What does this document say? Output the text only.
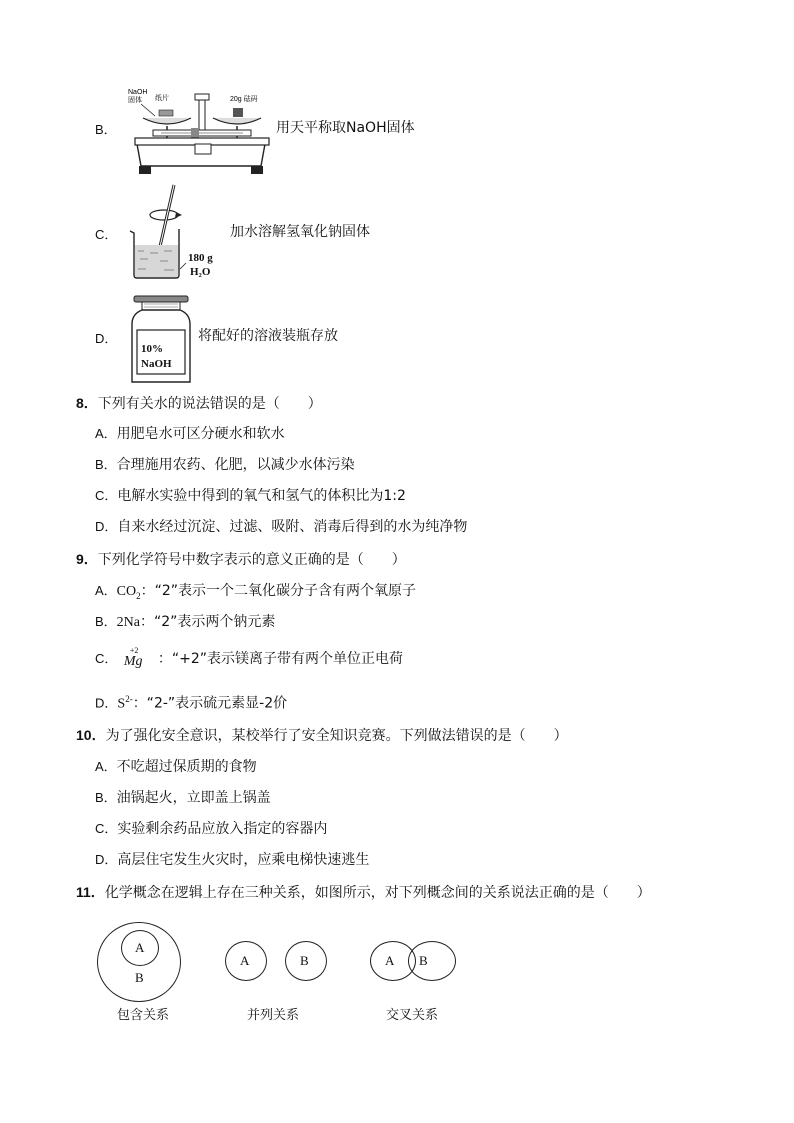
B．
NaOH
固体 纸片	20g 砝码
用天平称取NaOH固体
C．
180 g
H₂O
加水溶解氢氧化钠固体
D．
10%
NaOH
将配好的溶液装瓶存放
8．下列有关水的说法错误的是（　　）
A．用肥皂水可区分硬水和软水
B．合理施用农药、化肥，以减少水体污染
C．电解水实验中得到的氧气和氢气的体积比为1:2
D．自来水经过沉淀、过滤、吸附、消毒后得到的水为纯净物
9．下列化学符号中数字表示的意义正确的是（　　）
A．$CO_2$：“2”表示一个二氧化碳分子含有两个氧原子
B．2Na：“2”表示两个钠元素
C．
+2
Mg ：“+2”表示镁离子带有两个单位正电荷
D．$S^{2-}$：“2-”表示硫元素显-2价
10．为了强化安全意识，某校举行了安全知识竞赛。下列做法错误的是（　　）
A．不吃超过保质期的食物
B．油锅起火，立即盖上锅盖
C．实验剩余药品应放入指定的容器内
D．高层住宅发生火灾时，应乘电梯快速逃生
11．化学概念在逻辑上存在三种关系，如图所示，对下列概念间的关系说法正确的是（　　）
A
B
包含关系
A	B
并列关系
A B
交叉关系
